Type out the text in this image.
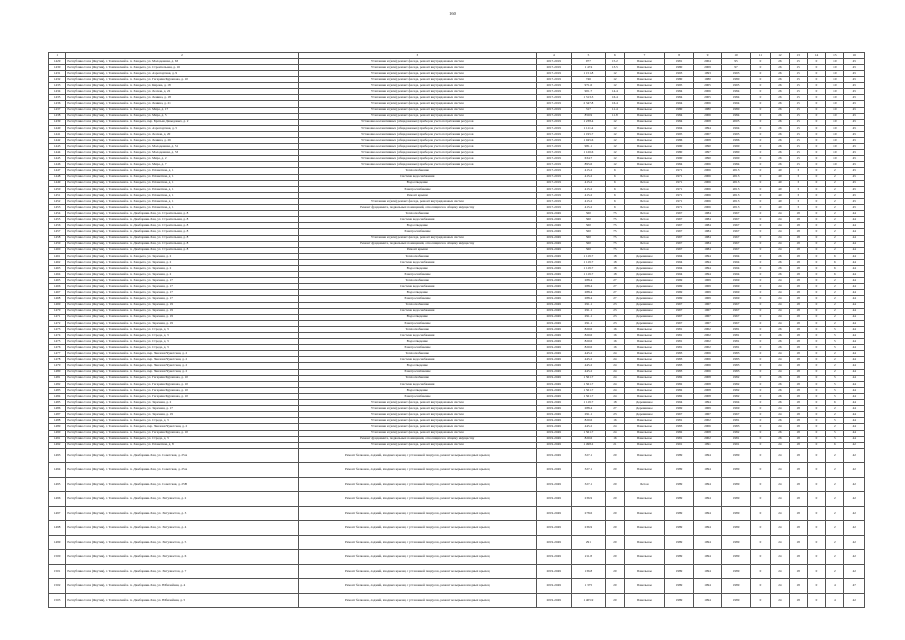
160
1	2	3	4	5	6	7	8	9	10	11	12	13	14	15	16
1429	Республика Саха (Якутия), г. Томпонский н. п. Хандыга, ул. Молодежная, д. 63	Утепление и (или) ремонт фасада, ремонт внутридомовых систем	2017-2019	977	15.2	Панельное	1981	2004	95	0	26	15	0	10	45
1430	Республика Саха (Якутия), г. Томпонский н. п. Хандыга, ул. Строительная, д. 16	Утепление и (или) ремонт фасада, ремонт внутридомовых систем	2017-2019	1 474	13.5	Панельное	1980	2009	97	0	26	15	0	10	45
1431	Республика Саха (Якутия), г. Томпонский н. п. Хандыга, ул. Аэропортная, д. 9	Утепление и (или) ремонт фасада, ремонт внутридомовых систем	2017-2019	1 151.8	12	Панельное	1993	1993	1993	0	26	15	0	10	45
1432	Республика Саха (Якутия), г. Томпонский н. п. Хандыга, ул. Гагарина/Курашова, д. 10	Утепление и (или) ремонт фасада, ремонт внутридомовых систем	2017-2019	746	12	Панельное	1980	1980	1980	0	26	15	0	10	45
1433	Республика Саха (Якутия), г. Томпонский н. п. Хандыга, ул. Кирова, д. 18	Утепление и (или) ремонт фасада, ремонт внутридомовых систем	2017-2019	971.6	12	Панельное	1995	2005	1995	0	26	15	0	10	45
1434	Республика Саха (Якутия), г. Томпонский н. п. Хандыга, ул. Лесная, д. 22	Утепление и (или) ремонт фасада, ремонт внутридомовых систем	2017-2019	901.7	14.4	Панельное	1984	2006	1984	0	26	15	0	10	45
1435	Республика Саха (Якутия), г. Томпонский н. п. Хандыга, ул. Ленина, д. 18	Утепление и (или) ремонт фасада, ремонт внутридомовых систем	2017-2019	1 313.3	16.4	Панельное	1984	2005	1984	0	26	15	0	10	45
1436	Республика Саха (Якутия), г. Томпонский н. п. Хандыга, ул. Ленина, д. 21	Утепление и (или) ремонт фасада, ремонт внутридомовых систем	2017-2019	2 347.8	16.4	Панельное	1994	2006	1994	0	26	15	0	10	45
1437	Республика Саха (Якутия), г. Томпонский н. п. Хандыга, ул. Мира, д. 17	Утепление и (или) ремонт фасада, ремонт внутридомовых систем	2017-2019	317	11.4	Панельное	1980	1980	1980	0	26	15	0	10	45
1438	Республика Саха (Якутия), г. Томпонский н. п. Хандыга, ул. Мира, д. 5	Утепление и (или) ремонт фасада, ремонт внутридомовых систем	2017-2019	850.9	11.8	Панельное	1984	2006	1984	0	26	15	0	10	45
1439	Республика Саха (Якутия), г. Томпонский н. п. Хандыга, пер. Братьев Давыдовых, д. 2	Установка коллективных (общедомовых) приборов учета потребления ресурсов	2017-2019	1 238.4	12	Панельное	1984	2008	2005	0	26	15	0	10	45
1440	Республика Саха (Якутия), г. Томпонский н. п. Хандыга, ул. Аэропортная, д. 5	Установка коллективных (общедомовых) приборов учета потребления ресурсов	2017-2019	1 111.4	12	Панельное	1994	1994	1994	0	26	15	0	10	45
1441	Республика Саха (Якутия), г. Томпонский н. п. Хандыга, ул. Лесная, д. 20	Установка коллективных (общедомовых) приборов учета потребления ресурсов	2017-2019	1 195.7	12	Панельное	1995	2007	1995	0	26	15	0	10	45
1442	Республика Саха (Якутия), г. Томпонский н. п. Хандыга, ул. Ленина, д. 26	Установка коллективных (общедомовых) приборов учета потребления ресурсов	2017-2019	1 045.6	12	Панельное	1986	2008	1986	0	26	15	0	10	45
1443	Республика Саха (Якутия), г. Томпонский н. п. Хандыга, ул. Молодежная, д. 51	Установка коллективных (общедомовых) приборов учета потребления ресурсов	2017-2019	981.1	12	Панельное	1990	1990	1990	0	26	15	0	10	45
1444	Республика Саха (Якутия), г. Томпонский н. п. Хандыга, ул. Молодежная, д. 53	Установка коллективных (общедомовых) приборов учета потребления ресурсов	2017-2019	1 126.6	12	Панельное	1980	1997	1980	0	26	15	0	10	45
1445	Республика Саха (Якутия), г. Томпонский н. п. Хандыга, ул. Мира, д. 2	Установка коллективных (общедомовых) приборов учета потребления ресурсов	2017-2019	634.7	12	Панельное	1990	1990	1990	0	26	15	0	10	45
1446	Республика Саха (Якутия), г. Томпонский н. п. Хандыга, ул. Мира, д. 7	Установка коллективных (общедомовых) приборов учета потребления ресурсов	2017-2019	895.6	12	Панельное	1984	2006	1984	0	26	15	0	10	45
1447	Республика Саха (Якутия), г. Томпонский н. п. Хандыга, ул. Планетная, д. 1	Теплоснабжение	2017-2019	415.2	6	Бетон	1971	2006	2013	0	40	3	0	2	45
1448	Республика Саха (Якутия), г. Томпонский н. п. Хандыга, ул. Планетная, д. 1	Система водоснабжения	2017-2019	415.2	6	Бетон	1971	2006	2013	0	40	3	0	2	45
1449	Республика Саха (Якутия), г. Томпонский н. п. Хандыга, ул. Планетная, д. 1	Водоотведение	2017-2019	415.2	6	Бетон	1971	2006	2013	0	40	3	0	2	45
1450	Республика Саха (Якутия), г. Томпонский н. п. Хандыга, ул. Планетная, д. 1	Электроснабжение	2017-2019	415.2	6	Бетон	1971	2006	2013	0	40	3	0	2	45
1451	Республика Саха (Якутия), г. Томпонский н. п. Хандыга, ул. Планетная, д. 1	Ремонт крыши	2017-2019	415.2	6	Бетон	1971	2006	2013	0	40	3	0	2	45
1452	Республика Саха (Якутия), г. Томпонский н. п. Хандыга, ул. Планетная, д. 1	Утепление и (или) ремонт фасада, ремонт внутридомовых систем	2017-2019	415.2	6	Бетон	1971	2006	2013	0	40	3	0	2	45
1453	Республика Саха (Якутия), г. Томпонский н. п. Хандыга, ул. Планетная, д. 1	Ремонт фундамента, подвальных помещений, относящихся к общему имуществу	2017-2019	415.2	6	Бетон	1971	2006	2013	0	40	3	0	2	45
1454	Республика Саха (Якутия), г. Томпонский н. п. Джебарики-Хая, ул. Строительная, д. 8	Теплоснабжение	2019-2049	560	75	Бетон	1967	1984	1967	0	24	18	0	2	44
1455	Республика Саха (Якутия), г. Томпонский н. п. Джебарики-Хая, ул. Строительная, д. 8	Система водоснабжения	2019-2049	560	75	Бетон	1967	1984	1967	0	24	18	0	2	44
1456	Республика Саха (Якутия), г. Томпонский н. п. Джебарики-Хая, ул. Строительная, д. 8	Водоотведение	2019-2049	560	75	Бетон	1967	1984	1967	0	24	18	0	2	44
1457	Республика Саха (Якутия), г. Томпонский н. п. Джебарики-Хая, ул. Строительная, д. 8	Электроснабжение	2019-2049	560	75	Бетон	1967	1984	1967	0	24	18	0	2	44
1458	Республика Саха (Якутия), г. Томпонский н. п. Джебарики-Хая, ул. Строительная, д. 8	Утепление и (или) ремонт фасада, ремонт внутридомовых систем	2019-2049	560	75	Бетон	1967	1984	1967	0	24	18	0	2	44
1459	Республика Саха (Якутия), г. Томпонский н. п. Джебарики-Хая, ул. Строительная, д. 8	Ремонт фундамента, подвальных помещений, относящихся к общему имуществу	2019-2049	560	75	Бетон	1967	1984	1967	0	24	18	0	2	44
1460	Республика Саха (Якутия), г. Томпонский н. п. Джебарики-Хая, ул. Строительная, д. 8	Ремонт крыши	2019-2049	560	75	Бетон	1967	1984	1967	0	24	18	0	2	44
1461	Республика Саха (Якутия), г. Томпонский н. п. Хандыга, ул. Заречная, д. 2	Теплоснабжение	2019-2049	1 119.7	18	Деревянное	1994	1994	1994	0	26	18	0	6	44
1462	Республика Саха (Якутия), г. Томпонский н. п. Хандыга, ул. Заречная, д. 2	Система водоснабжения	2019-2049	1 119.7	18	Деревянное	1994	1994	1994	0	26	18	0	6	44
1463	Республика Саха (Якутия), г. Томпонский н. п. Хандыга, ул. Заречная, д. 2	Водоотведение	2019-2049	1 119.7	18	Деревянное	1994	1994	1994	0	26	18	0	6	44
1464	Республика Саха (Якутия), г. Томпонский н. п. Хандыга, ул. Заречная, д. 2	Электроснабжение	2019-2049	1 119.7	18	Деревянное	1994	1994	1994	0	26	18	0	6	44
1465	Республика Саха (Якутия), г. Томпонский н. п. Хандыга, ул. Заречная, д. 17	Теплоснабжение	2019-2049	288.4	27	Деревянное	1969	1969	1969	0	24	18	0	2	44
1466	Республика Саха (Якутия), г. Томпонский н. п. Хандыга, ул. Заречная, д. 17	Система водоснабжения	2019-2049	288.4	27	Деревянное	1969	1969	1969	0	24	18	0	2	44
1467	Республика Саха (Якутия), г. Томпонский н. п. Хандыга, ул. Заречная, д. 17	Водоотведение	2019-2049	288.4	27	Деревянное	1969	1969	1969	0	24	18	0	2	44
1468	Республика Саха (Якутия), г. Томпонский н. п. Хандыга, ул. Заречная, д. 17	Электроснабжение	2019-2049	288.4	27	Деревянное	1969	1969	1969	0	24	18	0	2	44
1469	Республика Саха (Якутия), г. Томпонский н. п. Хандыга, ул. Заречная, д. 19	Теплоснабжение	2019-2049	291.1	23	Деревянное	1967	1967	1967	0	24	18	0	2	44
1470	Республика Саха (Якутия), г. Томпонский н. п. Хандыга, ул. Заречная, д. 19	Система водоснабжения	2019-2049	291.1	23	Деревянное	1967	1967	1967	0	24	18	0	2	44
1471	Республика Саха (Якутия), г. Томпонский н. п. Хандыга, ул. Заречная, д. 19	Водоотведение	2019-2049	291.1	23	Деревянное	1967	1967	1967	0	24	18	0	2	44
1472	Республика Саха (Якутия), г. Томпонский н. п. Хандыга, ул. Заречная, д. 19	Электроснабжение	2019-2049	291.1	23	Деревянное	1967	1967	1967	0	24	18	0	2	44
1473	Республика Саха (Якутия), г. Томпонский н. п. Хандыга, ул. Строда, д. 3	Теплоснабжение	2019-2049	820.6	16	Панельное	1981	2002	1981	0	26	18	0	5	44
1474	Республика Саха (Якутия), г. Томпонский н. п. Хандыга, ул. Строда, д. 3	Система водоснабжения	2019-2049	820.6	16	Панельное	1981	2002	1981	0	26	18	0	5	44
1475	Республика Саха (Якутия), г. Томпонский н. п. Хандыга, ул. Строда, д. 3	Водоотведение	2019-2049	820.6	16	Панельное	1981	2002	1981	0	26	18	0	5	44
1476	Республика Саха (Якутия), г. Томпонский н. п. Хандыга, ул. Строда, д. 3	Электроснабжение	2019-2049	820.6	16	Панельное	1981	2002	1981	0	26	18	0	5	44
1477	Республика Саха (Якутия), г. Томпонский н. п. Хандыга, пер. Чкалова/Чукотская, д. 2	Теплоснабжение	2019-2049	445.2	24	Панельное	1983	2006	1983	0	24	18	0	2	44
1478	Республика Саха (Якутия), г. Томпонский н. п. Хандыга, пер. Чкалова/Чукотская, д. 2	Система водоснабжения	2019-2049	445.2	24	Панельное	1983	2006	1983	0	24	18	0	2	44
1479	Республика Саха (Якутия), г. Томпонский н. п. Хандыга, пер. Чкалова/Чукотская, д. 2	Водоотведение	2019-2049	445.2	24	Панельное	1983	2006	1983	0	24	18	0	2	44
1480	Республика Саха (Якутия), г. Томпонский н. п. Хандыга, пер. Чкалова/Чукотская, д. 2	Электроснабжение	2019-2049	445.2	24	Панельное	1983	2006	1983	0	24	18	0	2	44
1481	Республика Саха (Якутия), г. Томпонский н. п. Хандыга, ул. Гагарина/Курашова, д. 10	Теплоснабжение	2019-2049	1 561.7	24	Панельное	1982	2008	1982	0	26	18	0	5	44
1482	Республика Саха (Якутия), г. Томпонский н. п. Хандыга, ул. Гагарина/Курашова, д. 10	Система водоснабжения	2019-2049	1 561.7	24	Панельное	1982	2008	1982	0	26	18	0	5	44
1483	Республика Саха (Якутия), г. Томпонский н. п. Хандыга, ул. Гагарина/Курашова, д. 10	Водоотведение	2019-2049	1 561.7	24	Панельное	1982	2008	1982	0	26	18	0	5	44
1484	Республика Саха (Якутия), г. Томпонский н. п. Хандыга, ул. Гагарина/Курашова, д. 10	Электроснабжение	2019-2049	1 561.7	24	Панельное	1982	2008	1982	0	26	18	0	5	44
1485	Республика Саха (Якутия), г. Томпонский н. п. Хандыга, ул. Заречная, д. 2	Утепление и (или) ремонт фасада, ремонт внутридомовых систем	2019-2049	1 119.7	18	Деревянное	1994	1994	1994	0	26	18	0	6	44
1486	Республика Саха (Якутия), г. Томпонский н. п. Хандыга, ул. Заречная, д. 17	Утепление и (или) ремонт фасада, ремонт внутридомовых систем	2019-2049	288.4	27	Деревянное	1969	1969	1969	0	24	18	0	2	44
1487	Республика Саха (Якутия), г. Томпонский н. п. Хандыга, ул. Заречная, д. 19	Утепление и (или) ремонт фасада, ремонт внутридомовых систем	2019-2049	291.1	23	Деревянное	1967	1967	1967	0	24	18	0	2	44
1488	Республика Саха (Якутия), г. Томпонский н. п. Хандыга, ул. Строда, д. 3	Утепление и (или) ремонт фасада, ремонт внутридомовых систем	2019-2049	820.6	16	Панельное	1981	2002	1981	0	26	18	0	5	44
1489	Республика Саха (Якутия), г. Томпонский н. п. Хандыга, пер. Чкалова/Чукотская, д. 2	Утепление и (или) ремонт фасада, ремонт внутридомовых систем	2019-2049	445.2	24	Панельное	1983	2006	1983	0	24	18	0	2	44
1490	Республика Саха (Якутия), г. Томпонский н. п. Хандыга, ул. Гагарина/Курашова, д. 10	Утепление и (или) ремонт фасада, ремонт внутридомовых систем	2019-2049	1 561.7	24	Панельное	1982	2008	1982	0	26	18	0	5	44
1491	Республика Саха (Якутия), г. Томпонский н. п. Хандыга, ул. Строда, д. 3	Ремонт фундамента, подвальных помещений, относящихся к общему имуществу	2019-2049	820.6	16	Панельное	1981	2002	1981	0	26	18	0	5	44
1492	Республика Саха (Якутия), г. Томпонский н. п. Хандыга, ул. Планетная, д. 8	Утепление и (или) ремонт фасада, ремонт внутридомовых систем	2019-2049	1 498.2	21	Панельное	1991	1991	1991	0	24	18	0	6	42
1493	Республика Саха (Якутия), г. Томпонский н. п. Джебарики-Хая, ул. Советская, д. 25А	Ремонт балконов, лоджий, входных крылец с установкой пандусов, ремонт козырьков входных крылец	2019-2049	327.1	20	Панельное	1989	1994	1989	0	24	18	0	2	42
1494	Республика Саха (Якутия), г. Томпонский н. п. Джебарики-Хая, ул. Советская, д. 25А	Ремонт балконов, лоджий, входных крылец с установкой пандусов, ремонт козырьков входных крылец	2019-2049	327.1	20	Панельное	1989	1994	1989	0	24	18	0	2	42
1495	Республика Саха (Якутия), г. Томпонский н. п. Джебарики-Хая, ул. Советская, д. 25В	Ремонт балконов, лоджий, входных крылец с установкой пандусов, ремонт козырьков входных крылец	2019-2049	327.1	20	Бетон	1989	1994	1989	0	24	18	0	2	42
1496	Республика Саха (Якутия), г. Томпонский н. п. Джебарики-Хая, ул. Энтузиастов, д. 2	Ремонт балконов, лоджий, входных крылец с установкой пандусов, ремонт козырьков входных крылец	2019-2049	236.9	20	Панельное	1989	1994	1989	0	24	18	0	2	42
1497	Республика Саха (Якутия), г. Томпонский н. п. Джебарики-Хая, ул. Энтузиастов, д. 3	Ремонт балконов, лоджий, входных крылец с установкой пандусов, ремонт козырьков входных крылец	2019-2049	278.6	20	Панельное	1989	1994	1989	0	24	18	0	2	42
1498	Республика Саха (Якутия), г. Томпонский н. п. Джебарики-Хая, ул. Энтузиастов, д. 4	Ремонт балконов, лоджий, входных крылец с установкой пандусов, ремонт козырьков входных крылец	2019-2049	236.9	20	Панельное	1989	1994	1989	0	24	18	0	2	42
1499	Республика Саха (Якутия), г. Томпонский н. п. Джебарики-Хая, ул. Энтузиастов, д. 5	Ремонт балконов, лоджий, входных крылец с установкой пандусов, ремонт козырьков входных крылец	2019-2049	291	20	Панельное	1989	1994	1989	0	24	18	0	2	42
1500	Республика Саха (Якутия), г. Томпонский н. п. Джебарики-Хая, ул. Энтузиастов, д. 6	Ремонт балконов, лоджий, входных крылец с установкой пандусов, ремонт козырьков входных крылец	2019-2049	211.8	20	Панельное	1989	1994	1989	0	24	18	0	2	42
1501	Республика Саха (Якутия), г. Томпонский н. п. Джебарики-Хая, ул. Энтузиастов, д. 7	Ремонт балконов, лоджий, входных крылец с установкой пандусов, ремонт козырьков входных крылец	2019-2049	136.8	20	Панельное	1989	1994	1989	0	24	18	0	2	42
1502	Республика Саха (Якутия), г. Томпонский н. п. Джебарики-Хая, ул. Юбилейная, д. 4	Ремонт балконов, лоджий, входных крылец с установкой пандусов, ремонт козырьков входных крылец	2019-2049	1 375	20	Панельное	1989	1994	1989	0	24	18	0	4	47
1503	Республика Саха (Якутия), г. Томпонский н. п. Джебарики-Хая, ул. Юбилейная, д. 5	Ремонт балконов, лоджий, входных крылец с установкой пандусов, ремонт козырьков входных крылец	2019-2049	1 405.9	20	Панельное	1989	1994	1989	0	24	18	0	4	42
